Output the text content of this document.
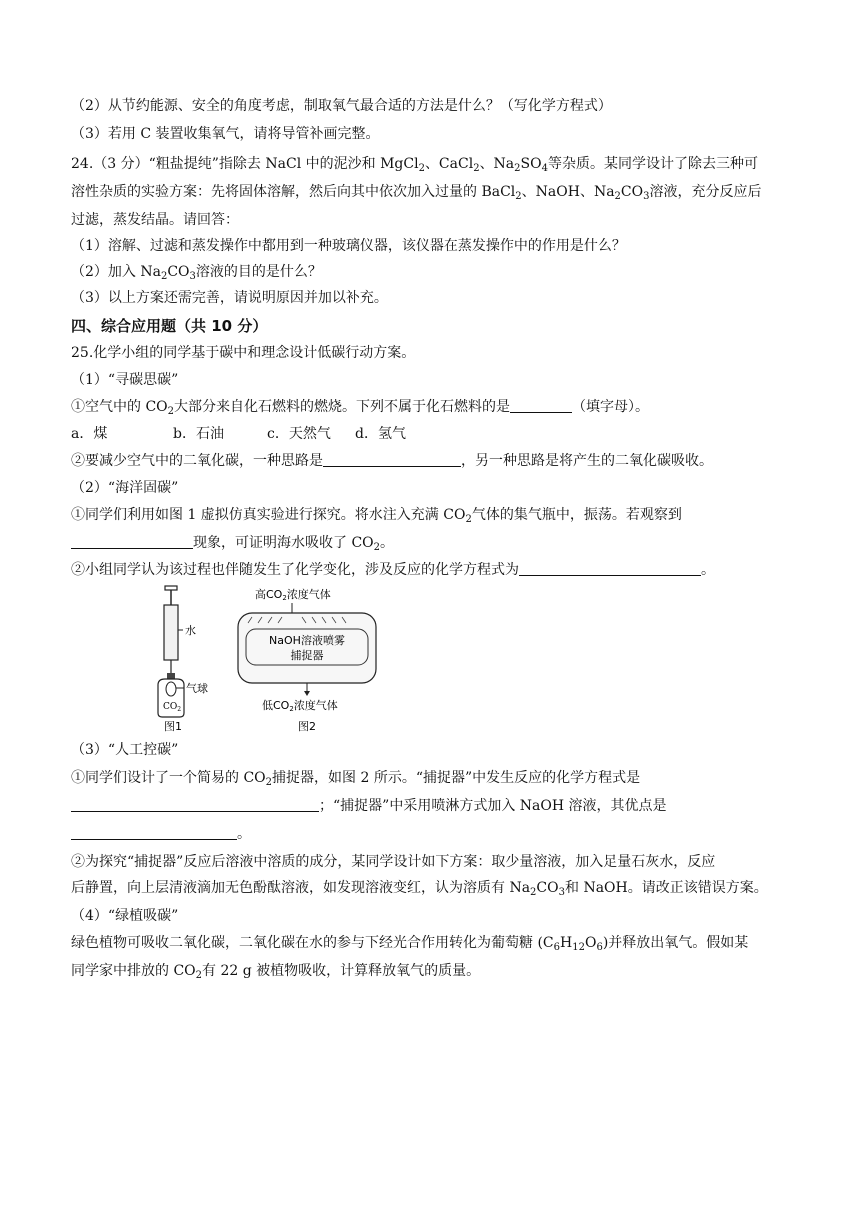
（2）从节约能源、安全的角度考虑，制取氧气最合适的方法是什么？（写化学方程式）
（3）若用 C 装置收集氧气，请将导管补画完整。
24.（3 分）“粗盐提纯”指除去 NaCl 中的泥沙和 MgCl$_2$、CaCl$_2$、$Na_2SO_4$等杂质。某同学设计了除去三种可
溶性杂质的实验方案：先将固体溶解，然后向其中依次加入过量的 BaCl$_2$、NaOH、$Na_2CO_3$溶液，充分反应后
过滤，蒸发结晶。请回答：
（1）溶解、过滤和蒸发操作中都用到一种玻璃仪器，该仪器在蒸发操作中的作用是什么？
（2）加入 $Na_2CO_3$溶液的目的是什么？
（3）以上方案还需完善，请说明原因并加以补充。
四、综合应用题（共 10 分）
25.化学小组的同学基于碳中和理念设计低碳行动方案。
（1）“寻碳思碳”
①空气中的 $CO_2$大部分来自化石燃料的燃烧。下列不属于化石燃料的是	（填字母）。
a．煤	b．石油	c．天然气 d．氢气
②要减少空气中的二氧化碳，一种思路是	，另一种思路是将产生的二氧化碳吸收。
（2）“海洋固碳”
①同学们利用如图 1 虚拟仿真实验进行探究。将水注入充满 $CO_2$气体的集气瓶中，振荡。若观察到
现象，可证明海水吸收了 $CO_2$。
②小组同学认为该过程也伴随发生了化学变化，涉及反应的化学方程式为	。
水
气球
$CO_2$
图1
高CO2浓度气体
NaOH溶液喷雾
捕捉器
低CO2浓度气体
图2
（3）“人工控碳”
①同学们设计了一个简易的 $CO_2$捕捉器，如图 2 所示。“捕捉器”中发生反应的化学方程式是
；“捕捉器”中采用喷淋方式加入 NaOH 溶液，其优点是
。
②为探究“捕捉器”反应后溶液中溶质的成分，某同学设计如下方案：取少量溶液，加入足量石灰水，反应
后静置，向上层清液滴加无色酚酞溶液，如发现溶液变红，认为溶质有 $Na_2CO_3$和 NaOH。请改正该错误方案。
（4）“绿植吸碳”
绿色植物可吸收二氧化碳，二氧化碳在水的参与下经光合作用转化为葡萄糖 $(C_6H_{12}O_6)$并释放出氧气。假如某
同学家中排放的 $CO_2$有 22 g 被植物吸收，计算释放氧气的质量。
